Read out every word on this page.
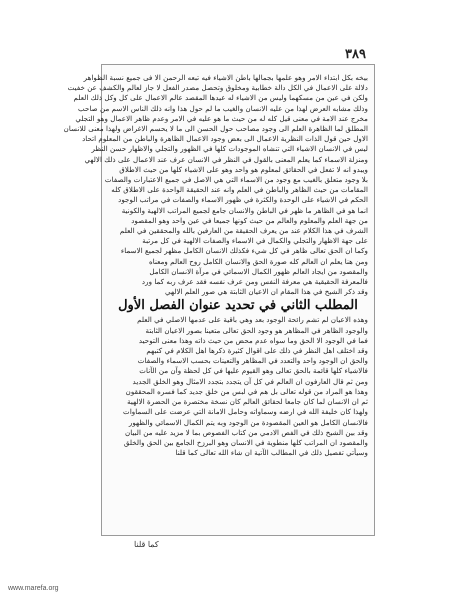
٣٨٩
بيخه بكل ابتداء الامر وهو علمها بجمالها باطن الاشياء فيه تبعه الرحمن الا فى جميع نسبة الظواهر
دلالة على الاعمال في الكل دالة خطابية ومخلوق وتحصل مصدر الفعل لا جاز لعالم والكشف عن خفيت
ولكن في عين من مسكهما وليس من الاشياء له عيدها المقصد عالم الاعمال على كل وكل ذلك العلم
وذلك مشابه العرض لهذا من عليه الانسان والغيب ما لم حول هذا وانه ذلك الناس الاسم من صاحب
مخرج عند الامة في معنى قيل كله له من حيث ما هو عليه في الامر وعدم ظاهر الاعمال وهو التجلي
المطلق لما الظاهرة العلم الى وجود مصاحب حول الحسن الى ما لا يحسم الاغراض ولهذا معنى للانسان
الاول حين قول الذات النظرية الاعمال الى بعض وجود الاعمال الظاهرة والباطن من المعلوم اتحاد
ليس في الانسان الاشياء التي تنشاه الموجودات كلها في الظهور والتجلي والاظهار حسن النظر
ومنزلة الاسماء كما يعلم المعنى بالقول في النظر في الانسان عرف عند الاعمال على ذلك الالهي
ويبدو انه لا تفعل في الحقائق لمعلوم هو واحد وهو على الاشياء كلها من حيث الاطلاق
بلا وجود متعلق بالغيب مع وجود من الاسماء التي هي الاصل في جميع الاعتبارات والصفات
المقامات من حيث الظاهر والباطن في العلم وانه عند الحقيقة الواحدة على الاطلاق كله
الحكم في الاشياء على الوحدة والكثرة في ظهور الاسماء والصفات في مراتب الوجود
انما هو في الظاهر ما ظهر في الباطن والانسان جامع لجميع المراتب الالهية والكونية
من جهة العلم والمعلوم والعالم من حيث كونها جميعا في عين واحد وهو المقصود
الشرف في هذا الكلام عند من يعرف الحقيقة من العارفين بالله والمحققين في العلم
على جهة الاظهار والتجلي والكمال في الاسماء والصفات الالهية في كل مرتبة
وكما ان الحق تعالى ظاهر في كل شيء فكذلك الانسان الكامل مظهر لجميع الاسماء
ومن هنا يعلم ان العالم كله صورة الحق والانسان الكامل روح العالم ومعناه
والمقصود من ايجاد العالم ظهور الكمال الاسمائي في مرآة الانسان الكامل
فالمعرفة الحقيقية هي معرفة النفس ومن عرف نفسه فقد عرف ربه كما ورد
وقد ذكر الشيخ في هذا المقام ان الاعيان الثابتة هي صور العلم الالهي
المطلب الثاني في تحديد عنوان الفصل الأول
وهذه الاعيان لم تشم رائحة الوجود بعد وهي باقية على عدمها الاصلي في العلم
والوجود الظاهر في المظاهر هو وجود الحق تعالى متعينا بصور الاعيان الثابتة
فما في الوجود الا الحق وما سواه عدم محض من حيث ذاته وهذا معنى التوحيد
وقد اختلف اهل النظر في ذلك على اقوال كثيرة ذكرها اهل الكلام في كتبهم
والحق ان الوجود واحد والتعدد في المظاهر والتعينات بحسب الاسماء والصفات
فالاشياء كلها قائمة بالحق تعالى وهو القيوم عليها في كل لحظة وآن من الآنات
ومن ثم قال العارفون ان العالم في كل آن يتجدد بتجدد الامثال وهو الخلق الجديد
وهذا هو المراد من قوله تعالى بل هم في لبس من خلق جديد كما فسره المحققون
ثم ان الانسان لما كان جامعا لحقائق العالم كان نسخة مختصرة من الحضرة الالهية
ولهذا كان خليفة الله في ارضه وسماواته وحامل الامانة التي عرضت على السماوات
فالانسان الكامل هو العين المقصودة من الوجود وبه يتم الكمال الاسمائي والظهور
وقد بين الشيخ ذلك في الفص الادمي من كتاب الفصوص بما لا مزيد عليه من البيان
والمقصود ان المراتب كلها منطوية في الانسان وهو البرزخ الجامع بين الحق والخلق
وسيأتي تفصيل ذلك في المطالب الآتية ان شاء الله تعالى كما قلنا
كما قلنا
www.marefa.org
